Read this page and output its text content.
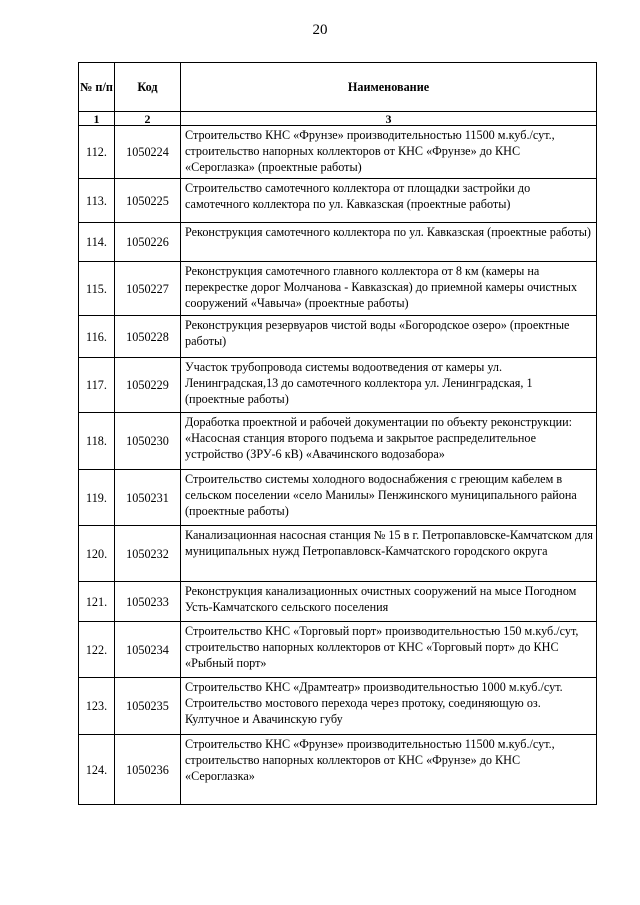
20
№ п/п	Код	Наименование
1	2	3
112.	1050224	Строительство КНС «Фрунзе» производительностью 11500 м.куб./сут., строительство напорных коллекторов от КНС «Фрунзе» до КНС «Сероглазка» (проектные работы)
113.	1050225	Строительство самотечного коллектора от площадки застройки до самотечного коллектора по ул. Кавказская (проектные работы)
114.	1050226	Реконструкция самотечного коллектора по ул. Кавказская (проектные работы)
115.	1050227	Реконструкция самотечного главного коллектора от 8 км (камеры на перекрестке дорог Молчанова - Кавказская) до приемной камеры очистных сооружений «Чавыча» (проектные работы)
116.	1050228	Реконструкция резервуаров чистой воды «Богородское озеро» (проектные работы)
117.	1050229	Участок трубопровода системы водоотведения от камеры ул. Ленинградская,13 до самотечного коллектора ул. Ленинградская, 1 (проектные работы)
118.	1050230	Доработка проектной и рабочей документации по объекту реконструкции: «Насосная станция второго подъема и закрытое распределительное устройство (ЗРУ-6 кВ) «Авачинского водозабора»
119.	1050231	Строительство системы холодного водоснабжения с греющим кабелем в сельском поселении «село Манилы» Пенжинского муниципального района (проектные работы)
120.	1050232	Канализационная насосная станция № 15 в г. Петропавловске-Камчатском для муниципальных нужд Петропавловск-Камчатского городского округа
121.	1050233	Реконструкция канализационных очистных сооружений на мысе Погодном Усть-Камчатского сельского поселения
122.	1050234	Строительство КНС «Торговый порт» производительностью 150 м.куб./сут, строительство напорных коллекторов от КНС «Торговый порт» до КНС «Рыбный порт»
123.	1050235	Строительство КНС «Драмтеатр» производительностью 1000 м.куб./сут. Строительство мостового перехода через протоку, соединяющую оз. Култучное и Авачинскую губу
124.	1050236	Строительство КНС «Фрунзе» производительностью 11500 м.куб./сут., строительство напорных коллекторов от КНС «Фрунзе» до КНС «Сероглазка»
